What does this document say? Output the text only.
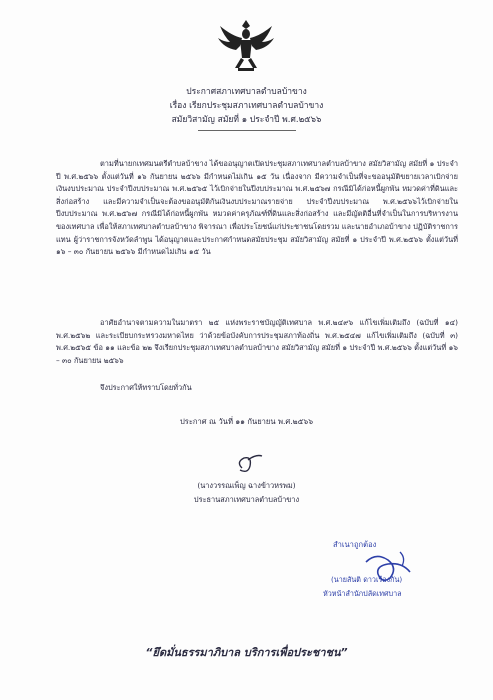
ประกาศสภาเทศบาลตำบลบ้าขาง
เรื่อง เรียกประชุมสภาเทศบาลตำบลบ้าขาง
สมัยวิสามัญ สมัยที่ ๑ ประจำปี พ.ศ.๒๕๖๖
ตามที่นายกเทศมนตรีตำบลบ้าขาง ได้ขออนุญาตเปิดประชุมสภาเทศบาลตำบลบ้าขาง สมัยวิสามัญ สมัยที่ ๑ ประจำปี พ.ศ.๒๕๖๖ ตั้งแต่วันที่ ๑๖ กันยายน ๒๕๖๖ มีกำหนดไม่เกิน ๑๕ วัน เนื่องจาก มีความจำเป็นที่จะขออนุมัติขยายเวลาเบิกจ่ายเงินงบประมาณ ประจำปีงบประมาณ พ.ศ.๒๕๖๕ ไว้เบิกจ่ายในปีงบประมาณ พ.ศ.๒๕๖๗ กรณีมิได้ก่อหนี้ผูกพัน หมวดค่าที่ดินและสิ่งก่อสร้าง และมีความจำเป็นจะต้องขออนุมัติกันเงินงบประมาณรายจ่าย ประจำปีงบประมาณ พ.ศ.๒๕๖๖ไว้เบิกจ่ายในปีงบประมาณ พ.ศ.๒๕๖๗ กรณีมิได้ก่อหนี้ผูกพัน หมวดค่าครุภัณฑ์ที่ดินและสิ่งก่อสร้าง และมีญัตติอื่นที่จำเป็นในการบริหารงานของเทศบาล เพื่อให้สภาเทศบาลตำบลบ้าขาง พิจารณา เพื่อประโยชน์แก่ประชาชนโดยรวม และนายอำเภอบ้าขาง ปฏิบัติราชการแทน ผู้ว่าราชการจังหวัดลำพูน ได้อนุญาตและประกาศกำหนดสมัยประชุม สมัยวิสามัญ สมัยที่ ๑ ประจำปี พ.ศ.๒๕๖๖ ตั้งแต่วันที่ ๑๖ – ๓๐ กันยายน ๒๕๖๖ มีกำหนดไม่เกิน ๑๕ วัน
อาศัยอำนาจตามความในมาตรา ๒๕ แห่งพระราชบัญญัติเทศบาล พ.ศ.๒๔๙๖ แก้ไขเพิ่มเติมถึง (ฉบับที่ ๑๔) พ.ศ.๒๕๖๒ และระเบียบกระทรวงมหาดไทย ว่าด้วยข้อบังคับการประชุมสภาท้องถิ่น พ.ศ.๒๕๔๗ แก้ไขเพิ่มเติมถึง (ฉบับที่ ๓) พ.ศ.๒๕๖๕ ข้อ ๑๑ และข้อ ๒๒ จึงเรียกประชุมสภาเทศบาลตำบลบ้าขาง สมัยวิสามัญ สมัยที่ ๑ ประจำปี พ.ศ.๒๕๖๖ ตั้งแต่วันที่ ๑๖ – ๓๐ กันยายน ๒๕๖๖
จึงประกาศให้ทราบโดยทั่วกัน
ประกาศ ณ วันที่ ๑๑ กันยายน พ.ศ.๒๕๖๖
(นางวรรณเพ็ญ ฉางข้าวหรพม)
ประธานสภาเทศบาลตำบลบ้าขาง
สำเนาถูกต้อง
(นายสันติ ดาวเรืองกัน)
หัวหน้าสำนักปลัดเทศบาล
“ยึดมั่นธรรมาภิบาล บริการเพื่อประชาชน”
